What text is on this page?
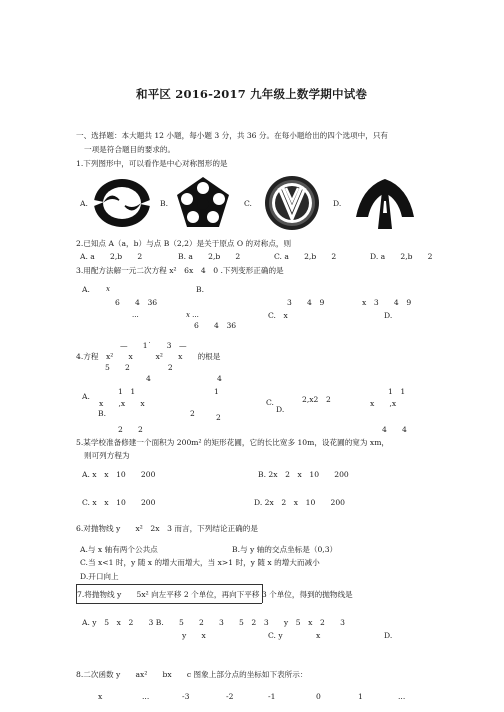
和平区 2016-2017 九年级上数学期中试卷
一、选择题：本大题共 12 小题，每小题 3 分，共 36 分。在每小题给出的四个选项中，只有
一项是符合题目的要求的。
1.下列图形中，可以看作是中心对称图形的是
A.	B.	C.	D.
2.已知点 A（a，b）与点 B（2,2）是关于原点 O 的对称点，则
A. a　　2,b　　2	B. a　　2,b　　2	C. a　　2,b　　2	D. a　　2,b　　2
3.用配方法解一元二次方程 x²　6x　4　0 .下列变形正确的是
A. x	B.
6　　4　36	3　　4　9	x　3　　4　9
...	x ...	C.　x	D.
6　　4　36
—　　1˙　　3　—
4.方程　x²　　x　　　x²　　x　　的根是
5　　2　　　　　2
4	4
1　1	1	1　1
A.
C.
x　　,x　　x	2,x2　2	x　　,x
B.	D.
2	2
2　　2	4　　4
5.某学校准备修建一个面积为 200m² 的矩形花圃，它的长比宽多 10m，设花圃的宽为 xm，
则可列方程为
A. x　x　10　　200	B. 2x　2　x　10　　200
C. x　x　10　　200	D. 2x　2　x　10　　200
6.对抛物线 y　　x²　2x　3 而言，下列结论正确的是
A.与 x 轴有两个公共点	B.与 y 轴的交点坐标是（0,3）
C.当 x<1 时，y 随 x 的增大而增大，当 x>1 时，y 随 x 的增大而减小
D.开口向上
7.将抛物线 y　　5x² 向左平移 2 个单位，再向下平移 3 个单位，得到的抛物线是
A. y　5　x　2　　3 B.　　5　　2　　3　　5　2　3　　y　5　x　2　　3
y　　x	C. y	x	D.
8.二次函数 y　　ax²　　bx　　c 图象上部分点的坐标如下表所示：
x	...	-3	-2	-1	0	1	...
